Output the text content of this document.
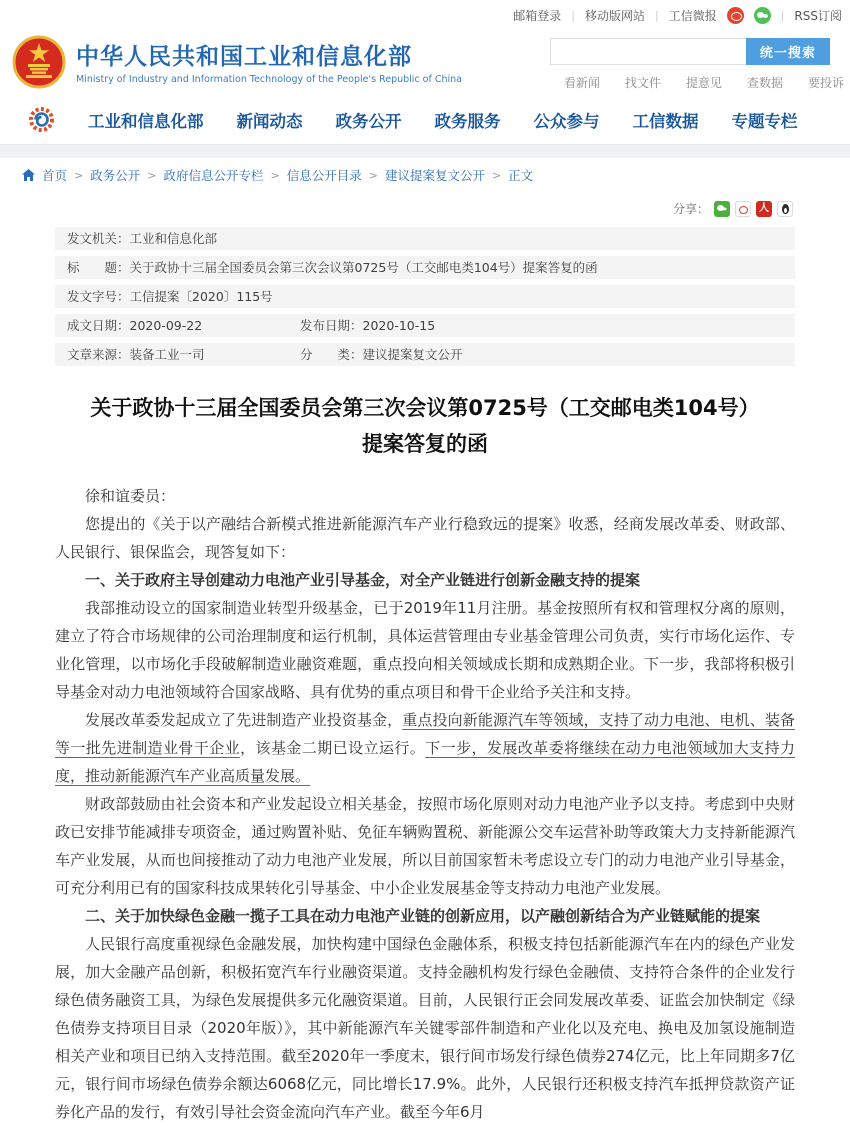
邮箱登录 | 移动版网站 | 工信微报	| RSS订阅
中华人民共和国工业和信息化部
Ministry of Industry and Information Technology of the People's Republic of China
统一搜索
看新闻 找文件 提意见 查数据 要投诉
工业和信息化部 新闻动态 政务公开 政务服务 公众参与 工信数据 专题专栏
首页 > 政务公开 > 政府信息公开专栏 > 信息公开目录 > 建议提案复文公开 > 正文
分享：	人
发文机关： 工业和信息化部
标　　题： 关于政协十三届全国委员会第三次会议第0725号（工交邮电类104号）提案答复的函
发文字号： 工信提案〔2020〕115号
成文日期：2020-09-22	发布日期：2020-10-15
文章来源：装备工业一司	分　　类：建议提案复文公开
关于政协十三届全国委员会第三次会议第0725号（工交邮电类104号）提案答复的函

徐和谊委员：

您提出的《关于以产融结合新模式推进新能源汽车产业行稳致远的提案》收悉，经商发展改革委、财政部、人民银行、银保监会，现答复如下：

一、关于政府主导创建动力电池产业引导基金，对全产业链进行创新金融支持的提案

我部推动设立的国家制造业转型升级基金，已于2019年11月注册。基金按照所有权和管理权分离的原则，建立了符合市场规律的公司治理制度和运行机制，具体运营管理由专业基金管理公司负责，实行市场化运作、专业化管理，以市场化手段破解制造业融资难题，重点投向相关领域成长期和成熟期企业。下一步，我部将积极引导基金对动力电池领域符合国家战略、具有优势的重点项目和骨干企业给予关注和支持。

发展改革委发起成立了先进制造产业投资基金，重点投向新能源汽车等领域，支持了动力电池、电机、装备等一批先进制造业骨干企业，该基金二期已设立运行。下一步，发展改革委将继续在动力电池领域加大支持力度，推动新能源汽车产业高质量发展。

财政部鼓励由社会资本和产业发起设立相关基金，按照市场化原则对动力电池产业予以支持。考虑到中央财政已安排节能减排专项资金，通过购置补贴、免征车辆购置税、新能源公交车运营补助等政策大力支持新能源汽车产业发展，从而也间接推动了动力电池产业发展，所以目前国家暂未考虑设立专门的动力电池产业引导基金，可充分利用已有的国家科技成果转化引导基金、中小企业发展基金等支持动力电池产业发展。

二、关于加快绿色金融一揽子工具在动力电池产业链的创新应用，以产融创新结合为产业链赋能的提案

人民银行高度重视绿色金融发展，加快构建中国绿色金融体系，积极支持包括新能源汽车在内的绿色产业发展，加大金融产品创新，积极拓宽汽车行业融资渠道。支持金融机构发行绿色金融债、支持符合条件的企业发行绿色债务融资工具，为绿色发展提供多元化融资渠道。目前，人民银行正会同发展改革委、证监会加快制定《绿色债券支持项目目录（2020年版）》，其中新能源汽车关键零部件制造和产业化以及充电、换电及加氢设施制造相关产业和项目已纳入支持范围。截至2020年一季度末，银行间市场发行绿色债券274亿元，比上年同期多7亿元，银行间市场绿色债券余额达6068亿元，同比增长17.9%。此外，人民银行还积极支持汽车抵押贷款资产证券化产品的发行，有效引导社会资金流向汽车产业。截至今年6月
